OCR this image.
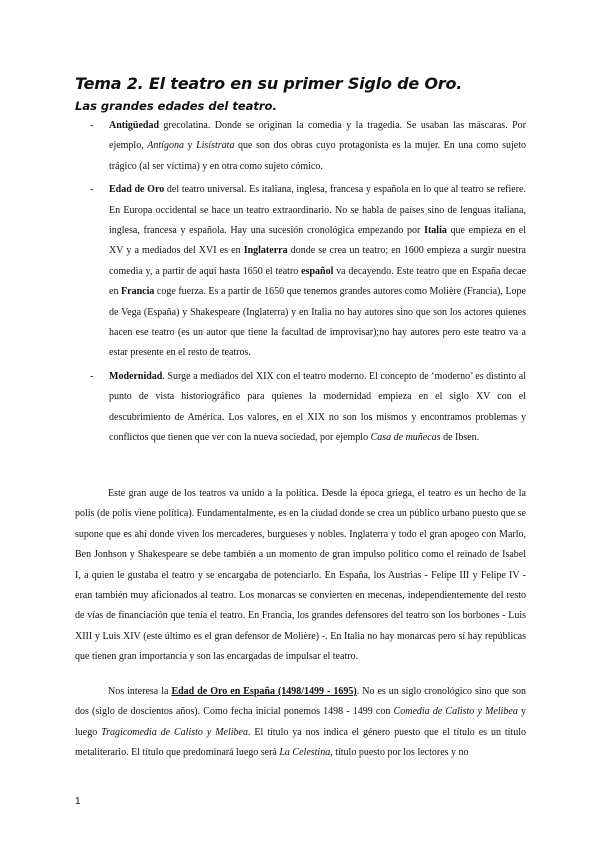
Tema 2. El teatro en su primer Siglo de Oro.
Las grandes edades del teatro.
- Antigüedad grecolatina. Donde se originan la comedia y la tragedia. Se usaban las máscaras. Por ejemplo, Antígona y Lisístrata que son dos obras cuyo protagonista es la mujer. En una como sujeto trágico (al ser víctima) y en otra como sujeto cómico.

- Edad de Oro del teatro universal. Es italiana, inglesa, francesa y española en lo que al teatro se refiere. En Europa occidental se hace un teatro extraordinario. No se habla de países sino de lenguas italiana, inglesa, francesa y española. Hay una sucesión cronológica empezando por Italia que empieza en el XV y a mediados del XVI es en Inglaterra donde se crea un teatro; en 1600 empieza a surgir nuestra comedia y, a partir de aquí hasta 1650 el teatro español va decayendo. Este teatro que en España decae en Francia coge fuerza. Es a partir de 1650 que tenemos grandes autores como Molière (Francia), Lope de Vega (España) y Shakespeare (Inglaterra) y en Italia no hay autores sino que son los actores quienes hacen ese teatro (es un autor que tiene la facultad de improvisar);no hay autores pero este teatro va a estar presente en el resto de teatros.

- Modernidad. Surge a mediados del XIX con el teatro moderno. El concepto de ‘moderno’ es distinto al punto de vista historiográfico para quienes la modernidad empieza en el siglo XV con el descubrimiento de América. Los valores, en el XIX no son los mismos y encontramos problemas y conflictos que tienen que ver con la nueva sociedad, por ejemplo Casa de muñecas de Ibsen.

Este gran auge de los teatros va unido a la política. Desde la época griega, el teatro es un hecho de la polis (de polis viene política). Fundamentalmente, es en la ciudad donde se crea un público urbano puesto que se supone que es ahí donde viven los mercaderes, burgueses y nobles. Inglaterra y todo el gran apogeo con Marlo, Ben Jonhson y Shakespeare se debe también a un momento de gran impulso político como el reinado de Isabel I, a quien le gustaba el teatro y se encargaba de potenciarlo. En España, los Austrias - Felipe III y Felipe IV - eran también muy aficionados al teatro. Los monarcas se convierten en mecenas, independientemente del resto de vías de financiación que tenía el teatro. En Francia, los grandes defensores del teatro son los borbones - Luis XIII y Luis XIV (este último es el gran defensor de Molière) -. En Italia no hay monarcas pero sí hay repúblicas que tienen gran importancia y son las encargadas de impulsar el teatro.

Nos interesa la Edad de Oro en España (1498/1499 - 1695). No es un siglo cronológico sino que son dos (siglo de doscientos años). Como fecha inicial ponemos 1498 - 1499 con Comedia de Calisto y Melibea y luego Tragicomedia de Calisto y Melibea. El título ya nos indica el género puesto que el título es un título metaliterario. El título que predominará luego será La Celestina, título puesto por los lectores y no

1
